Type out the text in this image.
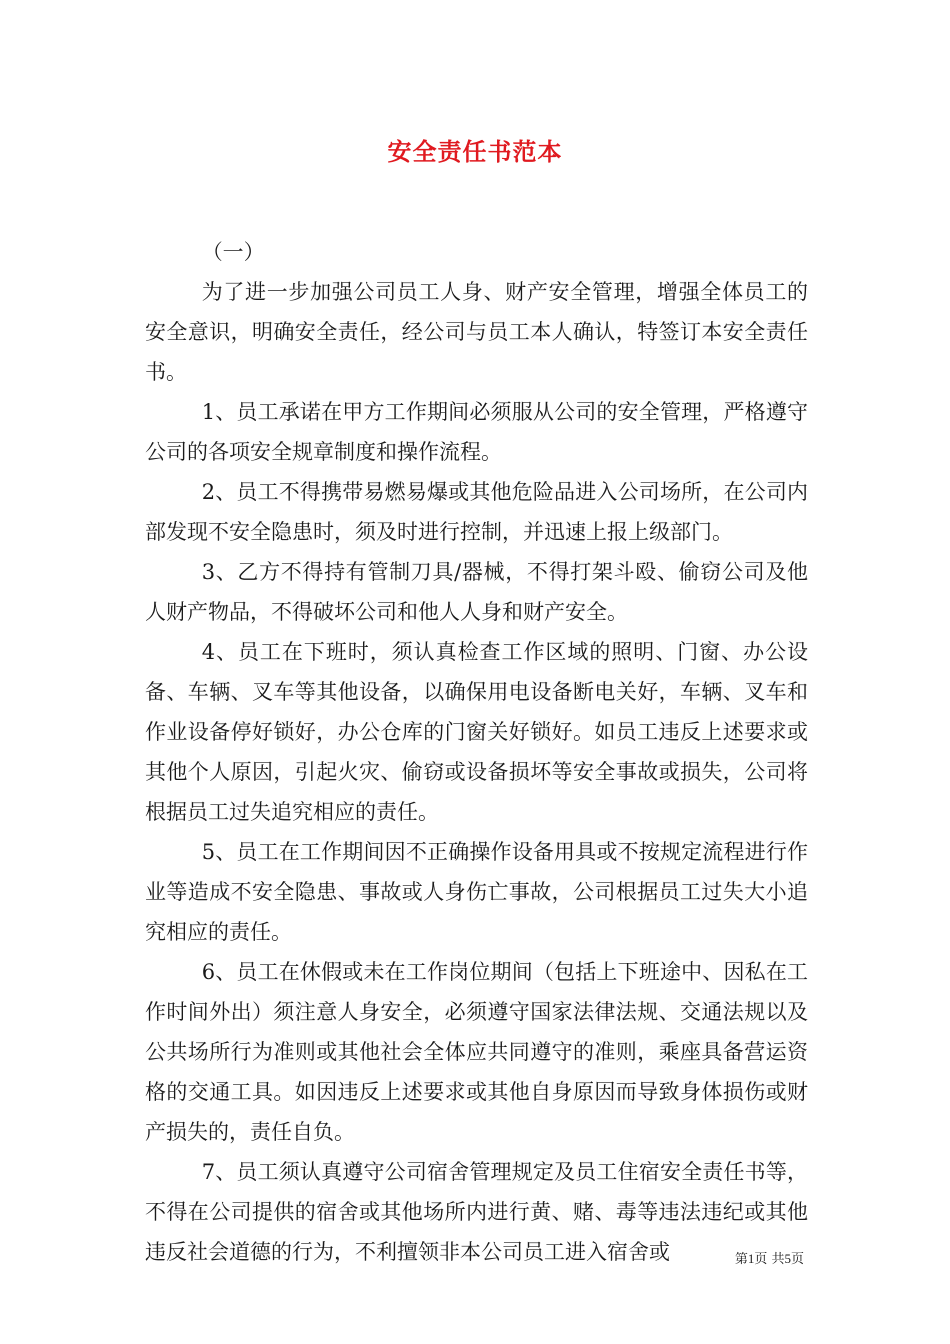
安全责任书范本

（一）

为了进一步加强公司员工人身、财产安全管理，增强全体员工的安全意识，明确安全责任，经公司与员工本人确认，特签订本安全责任书。

1、员工承诺在甲方工作期间必须服从公司的安全管理，严格遵守公司的各项安全规章制度和操作流程。

2、员工不得携带易燃易爆或其他危险品进入公司场所，在公司内部发现不安全隐患时，须及时进行控制，并迅速上报上级部门。

3、乙方不得持有管制刀具/器械，不得打架斗殴、偷窃公司及他人财产物品，不得破坏公司和他人人身和财产安全。

4、员工在下班时，须认真检查工作区域的照明、门窗、办公设备、车辆、叉车等其他设备，以确保用电设备断电关好，车辆、叉车和作业设备停好锁好，办公仓库的门窗关好锁好。如员工违反上述要求或其他个人原因，引起火灾、偷窃或设备损坏等安全事故或损失，公司将根据员工过失追究相应的责任。

5、员工在工作期间因不正确操作设备用具或不按规定流程进行作业等造成不安全隐患、事故或人身伤亡事故，公司根据员工过失大小追究相应的责任。

6、员工在休假或未在工作岗位期间（包括上下班途中、因私在工作时间外出）须注意人身安全，必须遵守国家法律法规、交通法规以及公共场所行为准则或其他社会全体应共同遵守的准则，乘座具备营运资格的交通工具。如因违反上述要求或其他自身原因而导致身体损伤或财产损失的，责任自负。

7、员工须认真遵守公司宿舍管理规定及员工住宿安全责任书等，不得在公司提供的宿舍或其他场所内进行黄、赌、毒等违法违纪或其他违反社会道德的行为，不利擅领非本公司员工进入宿舍或	第1页 共5页
